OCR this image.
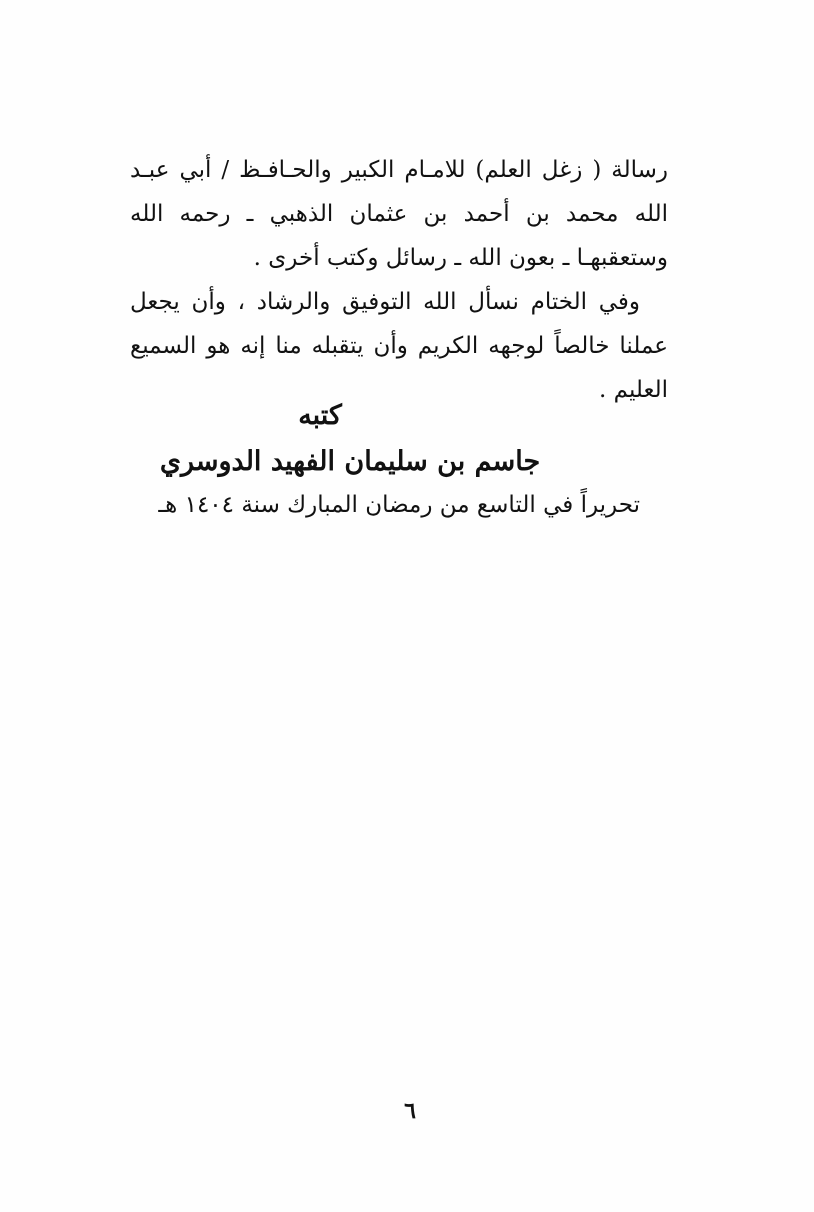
رسالة ( زغل العلم) للامـام الكبير والحـافـظ / أبي عبـد الله محمد بن أحمد بن عثمان الذهبي ـ رحمه الله وستعقبهـا ـ بعون الله ـ رسائل وكتب أخرى .

وفي الختام نسأل الله التوفيق والرشاد ، وأن يجعل عملنا خالصاً لوجهه الكريم وأن يتقبله منا إنه هو السميع العليم .

كتبه
جاسم بن سليمان الفهيد الدوسري
تحريراً في التاسع من رمضان المبارك سنة ١٤٠٤ هـ
٦
